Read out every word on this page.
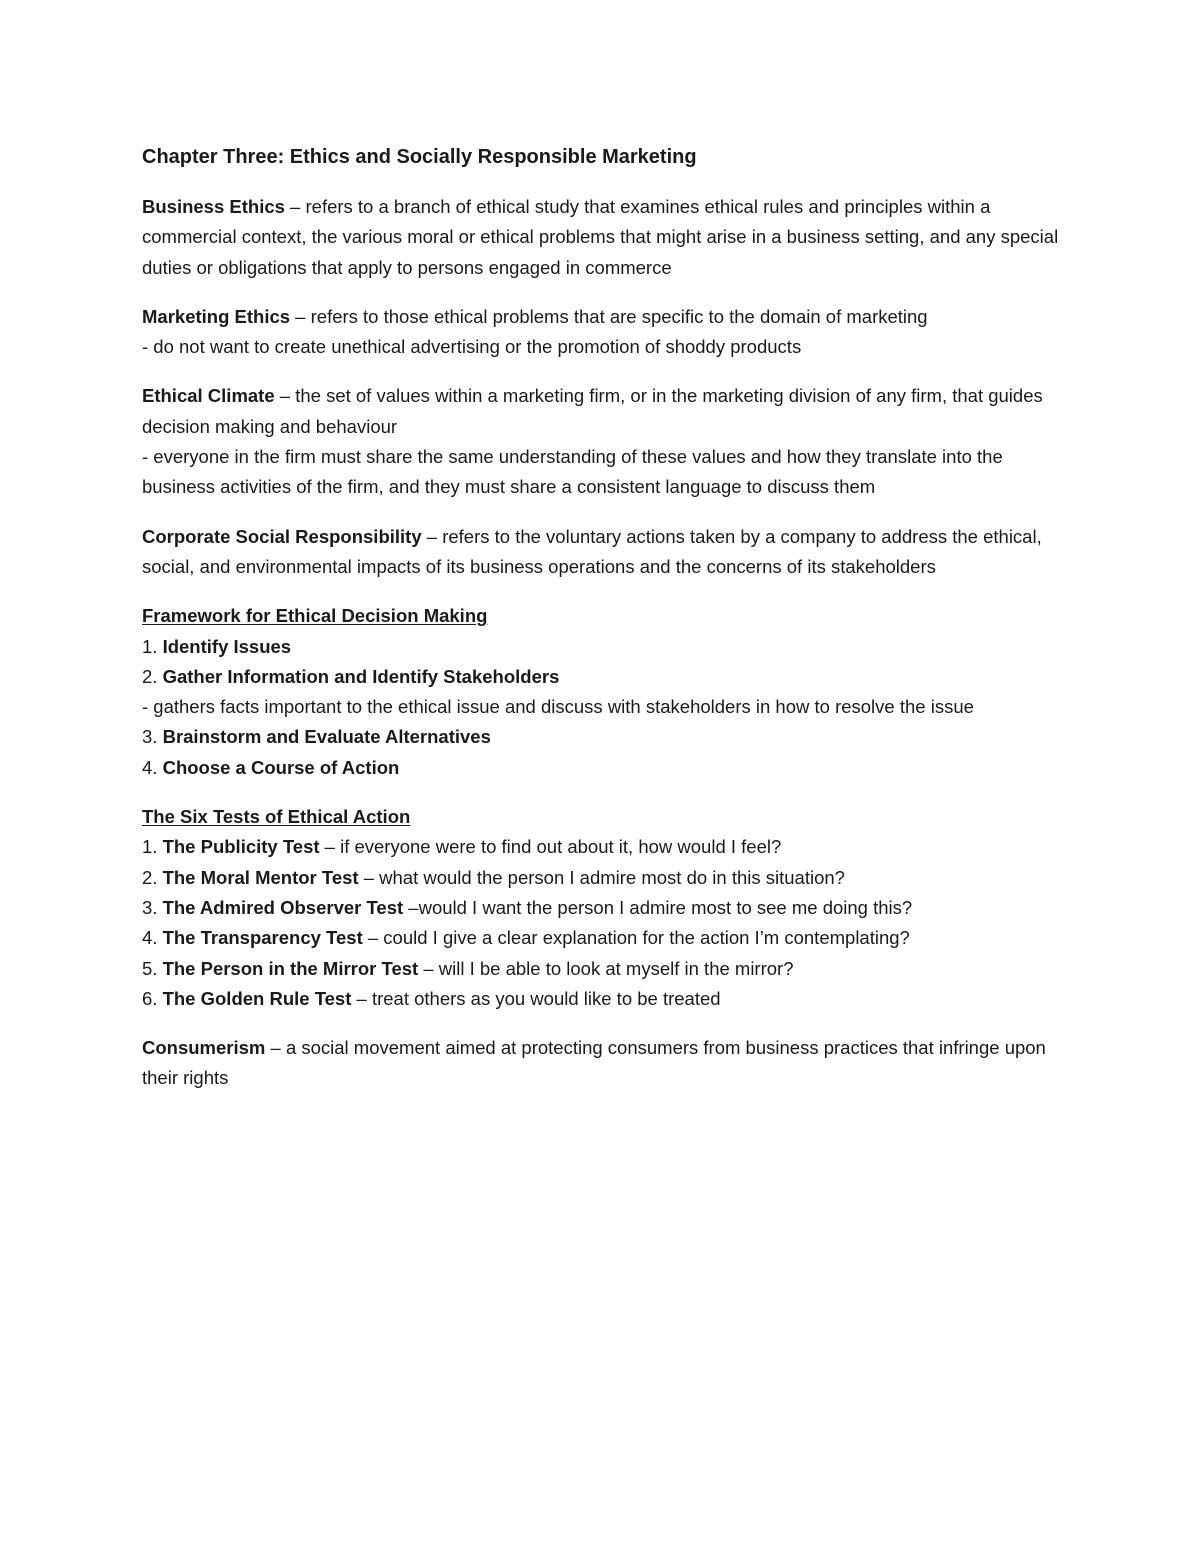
Chapter Three: Ethics and Socially Responsible Marketing

Business Ethics – refers to a branch of ethical study that examines ethical rules and principles within a commercial context, the various moral or ethical problems that might arise in a business setting, and any special duties or obligations that apply to persons engaged in commerce

Marketing Ethics – refers to those ethical problems that are specific to the domain of marketing

- do not want to create unethical advertising or the promotion of shoddy products

Ethical Climate – the set of values within a marketing firm, or in the marketing division of any firm, that guides decision making and behaviour

- everyone in the firm must share the same understanding of these values and how they translate into the business activities of the firm, and they must share a consistent language to discuss them

Corporate Social Responsibility – refers to the voluntary actions taken by a company to address the ethical, social, and environmental impacts of its business operations and the concerns of its stakeholders

Framework for Ethical Decision Making

1. Identify Issues

2. Gather Information and Identify Stakeholders

- gathers facts important to the ethical issue and discuss with stakeholders in how to resolve the issue

3. Brainstorm and Evaluate Alternatives

4. Choose a Course of Action

The Six Tests of Ethical Action

1. The Publicity Test – if everyone were to find out about it, how would I feel?

2. The Moral Mentor Test – what would the person I admire most do in this situation?

3. The Admired Observer Test –would I want the person I admire most to see me doing this?

4. The Transparency Test – could I give a clear explanation for the action I’m contemplating?

5. The Person in the Mirror Test – will I be able to look at myself in the mirror?

6. The Golden Rule Test – treat others as you would like to be treated

Consumerism – a social movement aimed at protecting consumers from business practices that infringe upon their rights
